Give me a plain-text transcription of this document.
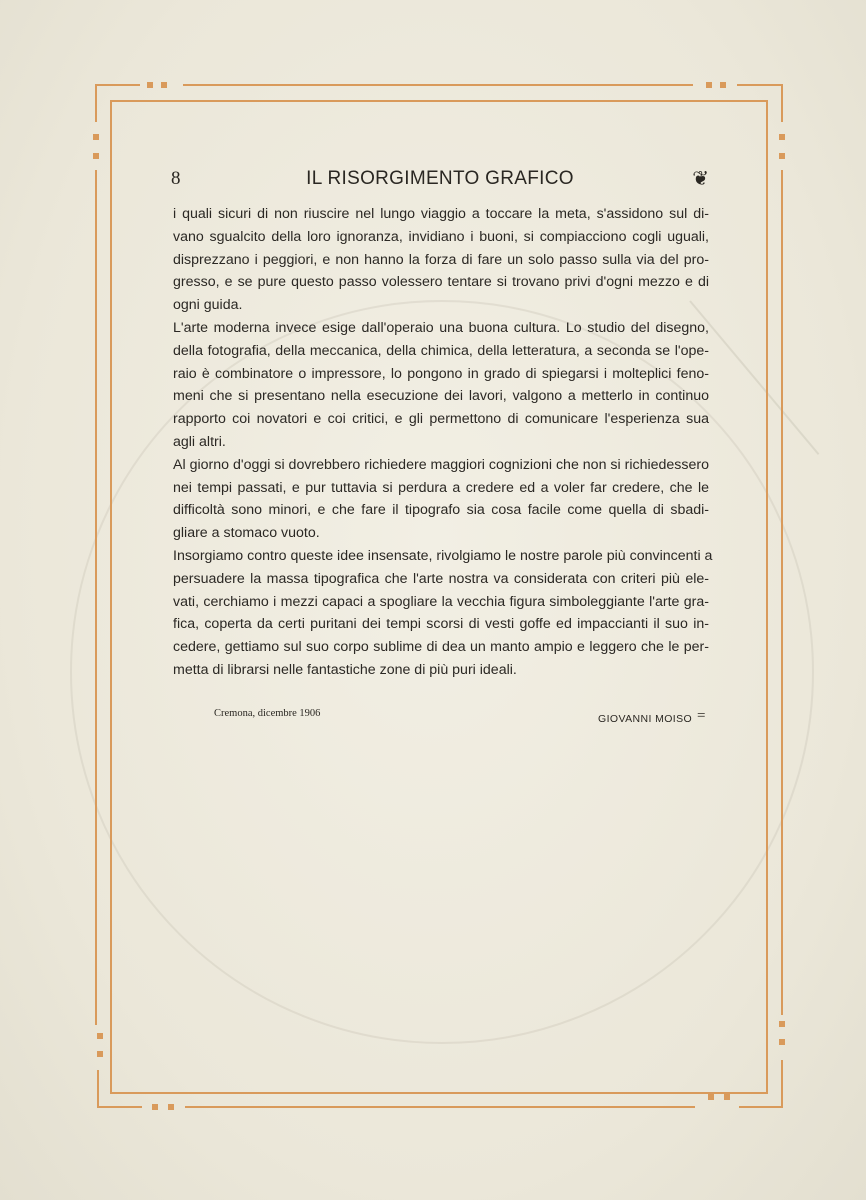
8	IL RISORGIMENTO GRAFICO	❦
i quali sicuri di non riuscire nel lungo viaggio a toccare la meta, s'assidono sul di-
vano sgualcito della loro ignoranza, invidiano i buoni, si compiacciono cogli uguali,
disprezzano i peggiori, e non hanno la forza di fare un solo passo sulla via del pro-
gresso, e se pure questo passo volessero tentare si trovano privi d'ogni mezzo e di
ogni guida.
L'arte moderna invece esige dall'operaio una buona cultura. Lo studio del disegno,
della fotografia, della meccanica, della chimica, della letteratura, a seconda se l'ope-
raio è combinatore o impressore, lo pongono in grado di spiegarsi i molteplici feno-
meni che si presentano nella esecuzione dei lavori, valgono a metterlo in continuo
rapporto coi novatori e coi critici, e gli permettono di comunicare l'esperienza sua
agli altri.
Al giorno d'oggi si dovrebbero richiedere maggiori cognizioni che non si richiedessero
nei tempi passati, e pur tuttavia si perdura a credere ed a voler far credere, che le
difficoltà sono minori, e che fare il tipografo sia cosa facile come quella di sbadi-
gliare a stomaco vuoto.
Insorgiamo contro queste idee insensate, rivolgiamo le nostre parole più convincenti a
persuadere la massa tipografica che l'arte nostra va considerata con criteri più ele-
vati, cerchiamo i mezzi capaci a spogliare la vecchia figura simboleggiante l'arte gra-
fica, coperta da certi puritani dei tempi scorsi di vesti goffe ed impaccianti il suo in-
cedere, gettiamo sul suo corpo sublime di dea un manto ampio e leggero che le per-
metta di librarsi nelle fantastiche zone di più puri ideali.
Cremona, dicembre 1906	GIOVANNI MOISO =
